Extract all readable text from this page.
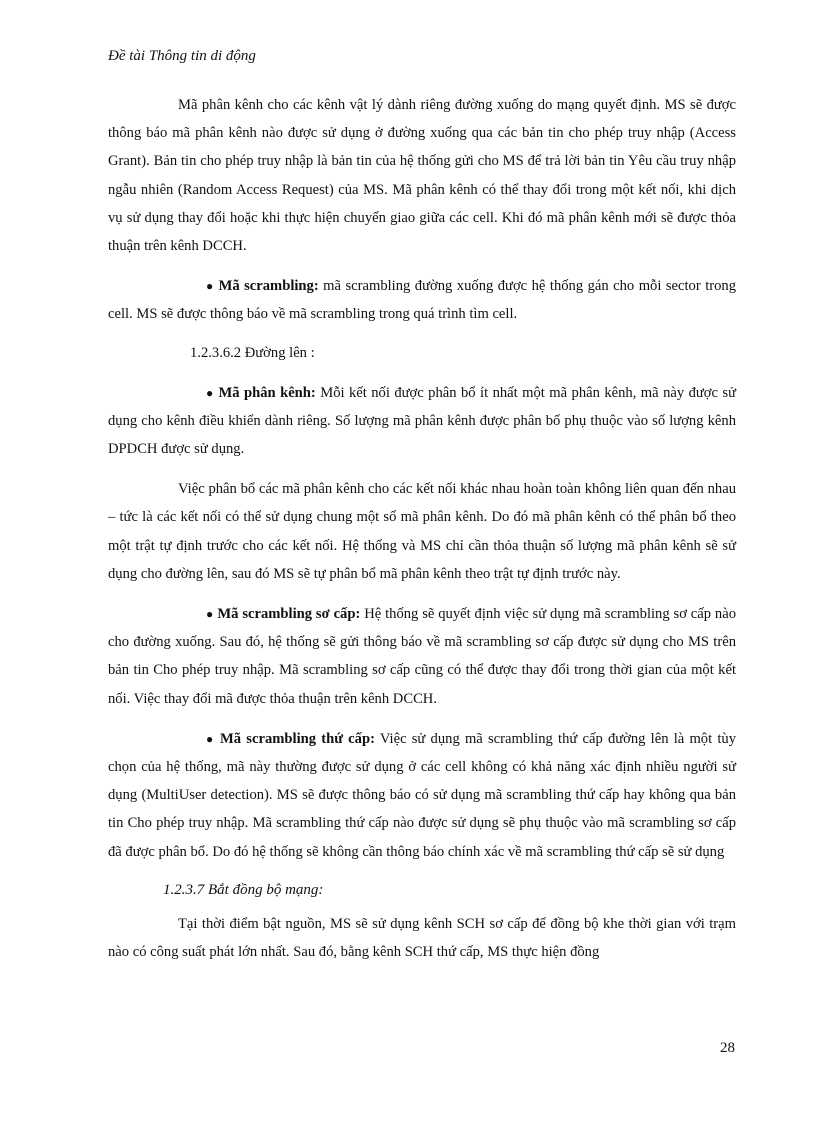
Đề tài Thông tin di động

Mã phân kênh cho các kênh vật lý dành riêng đường xuống do mạng quyết định. MS sẽ được thông báo mã phân kênh nào được sử dụng ở đường xuống qua các bản tin cho phép truy nhập (Access Grant). Bản tin cho phép truy nhập là bản tin của hệ thống gửi cho MS để trả lời bản tin Yêu cầu truy nhập ngẫu nhiên (Random Access Request) của MS. Mã phân kênh có thể thay đổi trong một kết nối, khi dịch vụ sử dụng thay đổi hoặc khi thực hiện chuyển giao giữa các cell. Khi đó mã phân kênh mới sẽ được thỏa thuận trên kênh DCCH.

● Mã scrambling: mã scrambling đường xuống được hệ thống gán cho mỗi sector trong cell. MS sẽ được thông báo về mã scrambling trong quá trình tìm cell.

1.2.3.6.2 Đường lên :

● Mã phân kênh: Mỗi kết nối được phân bổ ít nhất một mã phân kênh, mã này được sử dụng cho kênh điều khiển dành riêng. Số lượng mã phân kênh được phân bổ phụ thuộc vào số lượng kênh DPDCH được sử dụng.

Việc phân bổ các mã phân kênh cho các kết nối khác nhau hoàn toàn không liên quan đến nhau – tức là các kết nối có thể sử dụng chung một số mã phân kênh. Do đó mã phân kênh có thể phân bổ theo một trật tự định trước cho các kết nối. Hệ thống và MS chỉ cần thỏa thuận số lượng mã phân kênh sẽ sử dụng cho đường lên, sau đó MS sẽ tự phân bổ mã phân kênh theo trật tự định trước này.

● Mã scrambling sơ cấp: Hệ thống sẽ quyết định việc sử dụng mã scrambling sơ cấp nào cho đường xuống. Sau đó, hệ thống sẽ gửi thông báo về mã scrambling sơ cấp được sử dụng cho MS trên bản tin Cho phép truy nhập. Mã scrambling sơ cấp cũng có thể được thay đổi trong thời gian của một kết nối. Việc thay đổi mã được thỏa thuận trên kênh DCCH.

● Mã scrambling thứ cấp: Việc sử dụng mã scrambling thứ cấp đường lên là một tùy chọn của hệ thống, mã này thường được sử dụng ở các cell không có khả năng xác định nhiều người sử dụng (MultiUser detection). MS sẽ được thông báo có sử dụng mã scrambling thứ cấp hay không qua bản tin Cho phép truy nhập. Mã scrambling thứ cấp nào được sử dụng sẽ phụ thuộc vào mã scrambling sơ cấp đã được phân bổ. Do đó hệ thống sẽ không cần thông báo chính xác về mã scrambling thứ cấp sẽ sử dụng

1.2.3.7 Bắt đồng bộ mạng:

Tại thời điểm bật nguồn, MS sẽ sử dụng kênh SCH sơ cấp để đồng bộ khe thời gian với trạm nào có công suất phát lớn nhất. Sau đó, bằng kênh SCH thứ cấp, MS thực hiện đồng

28
